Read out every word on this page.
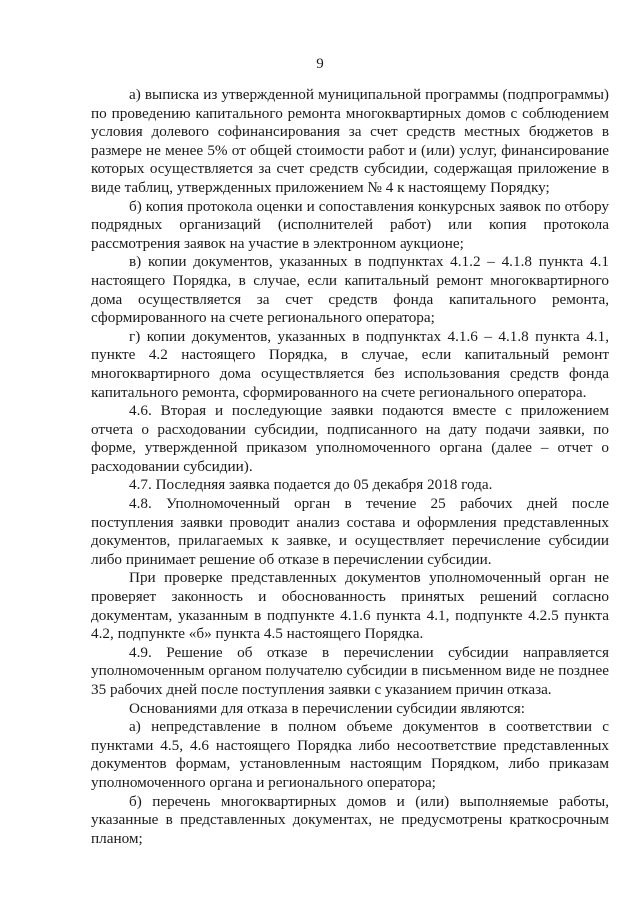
9

а) выписка из утвержденной муниципальной программы (подпрограммы) по проведению капитального ремонта многоквартирных домов с соблюдением условия долевого софинансирования за счет средств местных бюджетов в размере не менее 5% от общей стоимости работ и (или) услуг, финансирование которых осуществляется за счет средств субсидии, содержащая приложение в виде таблиц, утвержденных приложением № 4 к настоящему Порядку;

б) копия протокола оценки и сопоставления конкурсных заявок по отбору подрядных организаций (исполнителей работ) или копия протокола рассмотрения заявок на участие в электронном аукционе;

в) копии документов, указанных в подпунктах 4.1.2 – 4.1.8 пункта 4.1 настоящего Порядка, в случае, если капитальный ремонт многоквартирного дома осуществляется за счет средств фонда капитального ремонта, сформированного на счете регионального оператора;

г) копии документов, указанных в подпунктах 4.1.6 – 4.1.8 пункта 4.1, пункте 4.2 настоящего Порядка, в случае, если капитальный ремонт многоквартирного дома осуществляется без использования средств фонда капитального ремонта, сформированного на счете регионального оператора.

4.6. Вторая и последующие заявки подаются вместе с приложением отчета о расходовании субсидии, подписанного на дату подачи заявки, по форме, утвержденной приказом уполномоченного органа (далее – отчет о расходовании субсидии).

4.7. Последняя заявка подается до 05 декабря 2018 года.

4.8. Уполномоченный орган в течение 25 рабочих дней после поступления заявки проводит анализ состава и оформления представленных документов, прилагаемых к заявке, и осуществляет перечисление субсидии либо принимает решение об отказе в перечислении субсидии.

При проверке представленных документов уполномоченный орган не проверяет законность и обоснованность принятых решений согласно документам, указанным в подпункте 4.1.6 пункта 4.1, подпункте 4.2.5 пункта 4.2, подпункте «б» пункта 4.5 настоящего Порядка.

4.9. Решение об отказе в перечислении субсидии направляется уполномоченным органом получателю субсидии в письменном виде не позднее 35 рабочих дней после поступления заявки с указанием причин отказа.

Основаниями для отказа в перечислении субсидии являются:

а) непредставление в полном объеме документов в соответствии с пунктами 4.5, 4.6 настоящего Порядка либо несоответствие представленных документов формам, установленным настоящим Порядком, либо приказам уполномоченного органа и регионального оператора;

б) перечень многоквартирных домов и (или) выполняемые работы, указанные в представленных документах, не предусмотрены краткосрочным планом;
